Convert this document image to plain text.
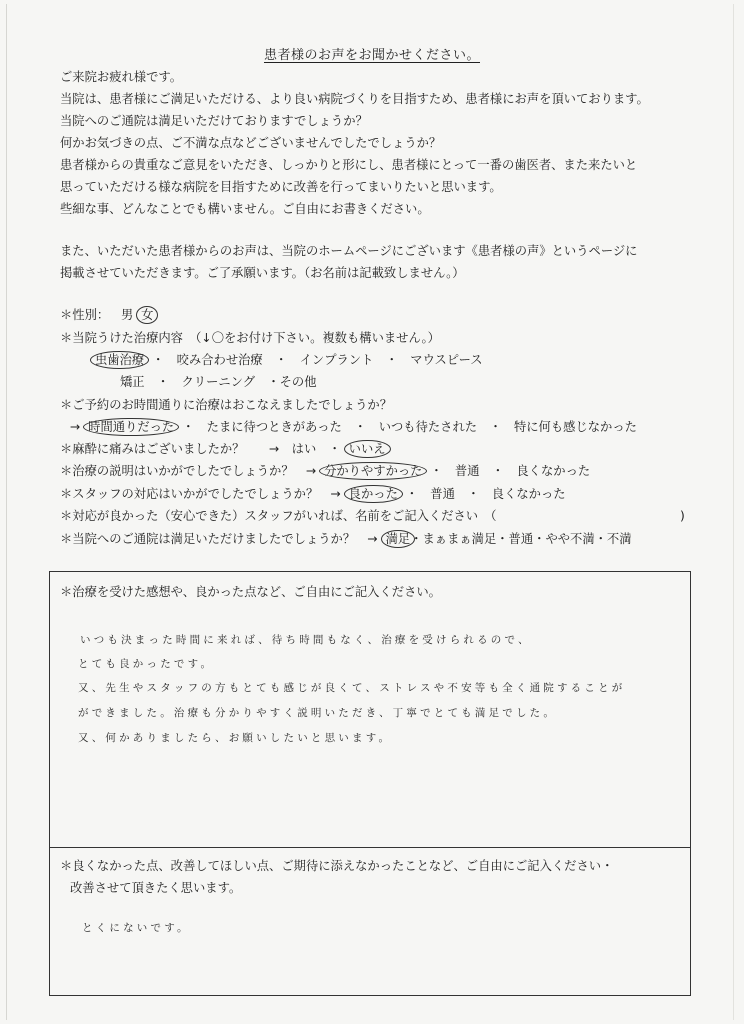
患者様のお声をお聞かせください。
ご来院お疲れ様です。
当院は、患者様にご満足いただける、より良い病院づくりを目指すため、患者様にお声を頂いております。
当院へのご通院は満足いただけておりますでしょうか？
何かお気づきの点、ご不満な点などございませんでしたでしょうか？
患者様からの貴重なご意見をいただき、しっかりと形にし、患者様にとって一番の歯医者、また来たいと
思っていただける様な病院を目指すために改善を行ってまいりたいと思います。
些細な事、どんなことでも構いません。ご自由にお書きください。
また、いただいた患者様からのお声は、当院のホームページにございます《患者様の声》というページに
掲載させていただきます。ご了承願います。（お名前は記載致しません。）
＊性別： 男 女
＊当院うけた治療内容　（↓〇をお付け下さい。複数も構いません。）
虫歯治療 ・　咬み合わせ治療　・　インプラント　・　マウスピース
矯正　・　クリーニング　・その他
＊ご予約のお時間通りに治療はおこなえましたでしょうか？
→ 時間通りだった ・　たまに待つときがあった　・　いつも待たされた　・　特に何も感じなかった
＊麻酔に痛みはございましたか？　　→　はい　・ いいえ
＊治療の説明はいかがでしたでしょうか？　→ 分かりやすかった ・　普通　・　良くなかった
＊スタッフの対応はいかがでしたでしょうか？　→ 良かった ・　普通　・　良くなかった
＊対応が良かった（安心できた）スタッフがいれば、名前をご記入ください　（	)
＊当院へのご通院は満足いただけましたでしょうか？　→ 満足・まぁまぁ満足・普通・やや不満・不満
＊治療を受けた感想や、良かった点など、ご自由にご記入ください。
いつも決まった時間に来れば、待ち時間もなく、治療を受けられるので、
とても良かったです。
又、先生やスタッフの方もとても感じが良くて、ストレスや不安等も全く通院することが
ができました。治療も分かりやすく説明いただき、丁寧でとても満足でした。
又、何かありましたら、お願いしたいと思います。
＊良くなかった点、改善してほしい点、ご期待に添えなかったことなど、ご自由にご記入ください・
改善させて頂きたく思います。
とくにないです。
